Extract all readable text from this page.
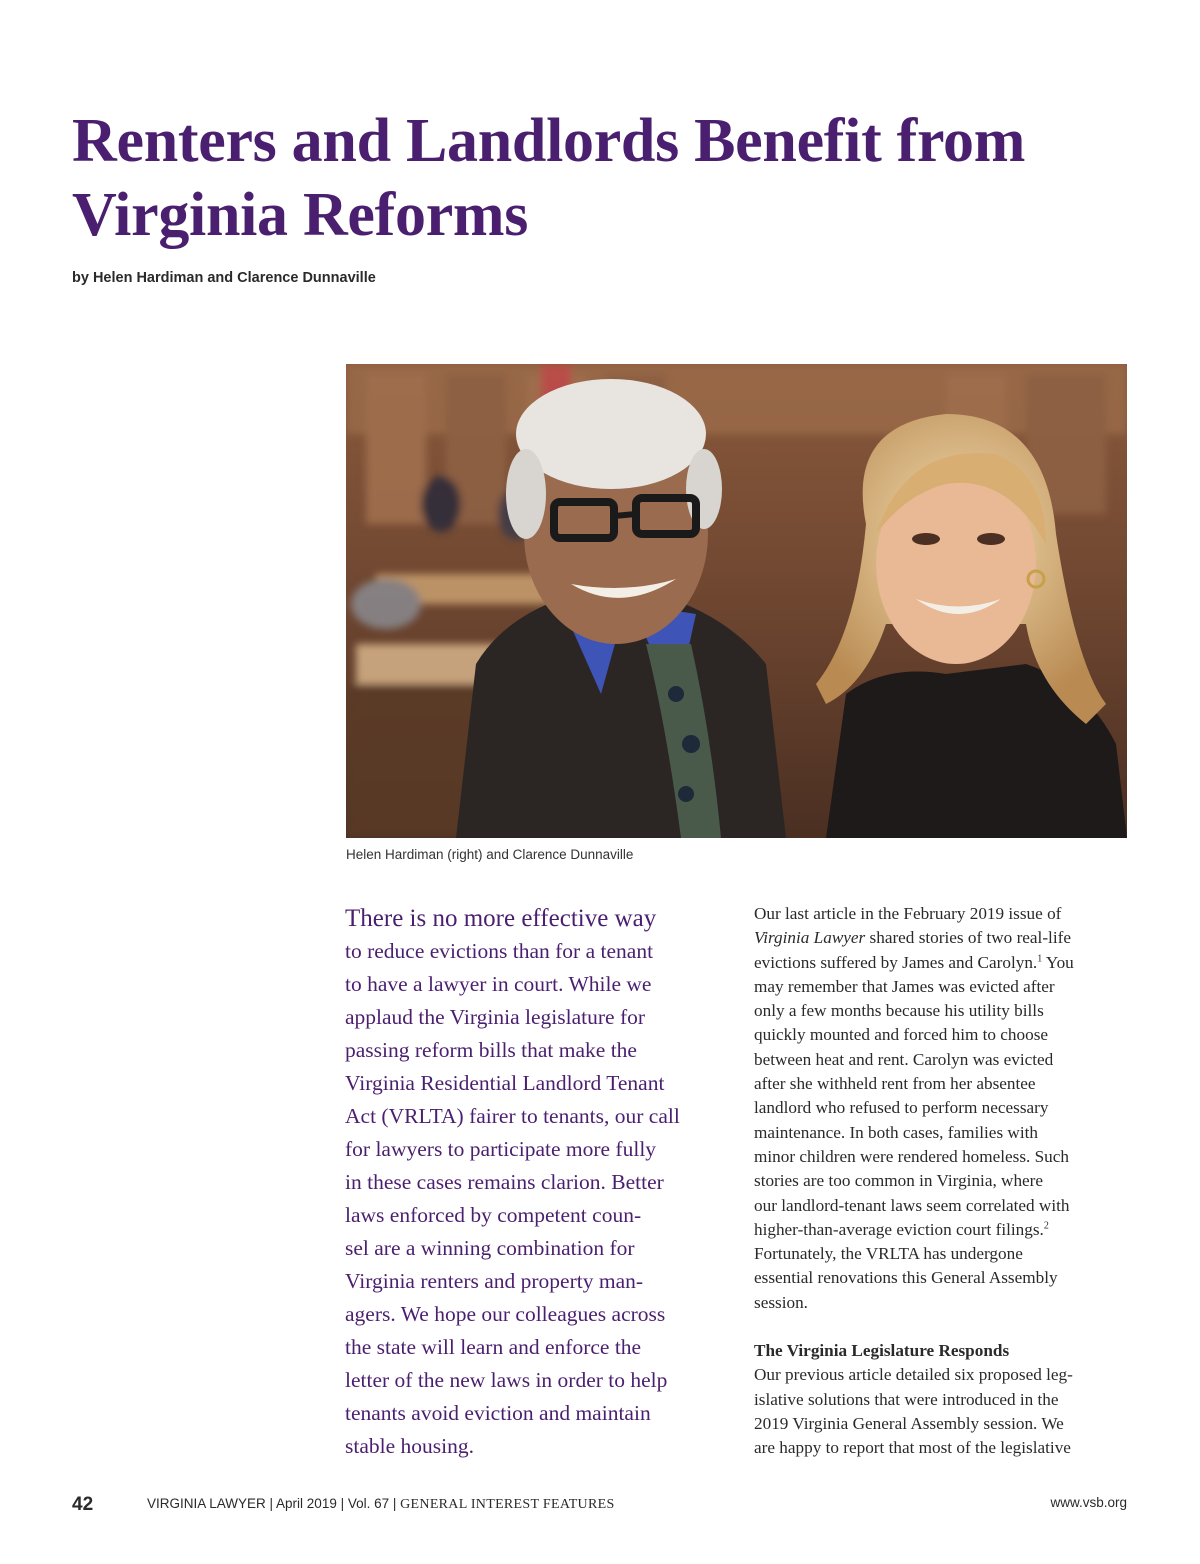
Renters and Landlords Benefit from
Virginia Reforms
by Helen Hardiman and Clarence Dunnaville
Helen Hardiman (right) and Clarence Dunnaville
There is no more effective way
to reduce evictions than for a tenant
to have a lawyer in court. While we
applaud the Virginia legislature for
passing reform bills that make the
Virginia Residential Landlord Tenant
Act (VRLTA) fairer to tenants, our call
for lawyers to participate more fully
in these cases remains clarion. Better
laws enforced by competent coun-
sel are a winning combination for
Virginia renters and property man-
agers. We hope our colleagues across
the state will learn and enforce the
letter of the new laws in order to help
tenants avoid eviction and maintain
stable housing.
Our last article in the February 2019 issue of
Virginia Lawyer shared stories of two real-life
evictions suffered by James and Carolyn.$^1$ You
may remember that James was evicted after
only a few months because his utility bills
quickly mounted and forced him to choose
between heat and rent. Carolyn was evicted
after she withheld rent from her absentee
landlord who refused to perform necessary
maintenance. In both cases, families with
minor children were rendered homeless. Such
stories are too common in Virginia, where
our landlord-tenant laws seem correlated with
higher-than-average eviction court filings.$^2$
Fortunately, the VRLTA has undergone
essential renovations this General Assembly
session.
The Virginia Legislature Responds
Our previous article detailed six proposed leg-
islative solutions that were introduced in the
2019 Virginia General Assembly session. We
are happy to report that most of the legislative
42	VIRGINIA LAWYER | April 2019 | Vol. 67 | GENERAL INTEREST FEATURES	www.vsb.org
